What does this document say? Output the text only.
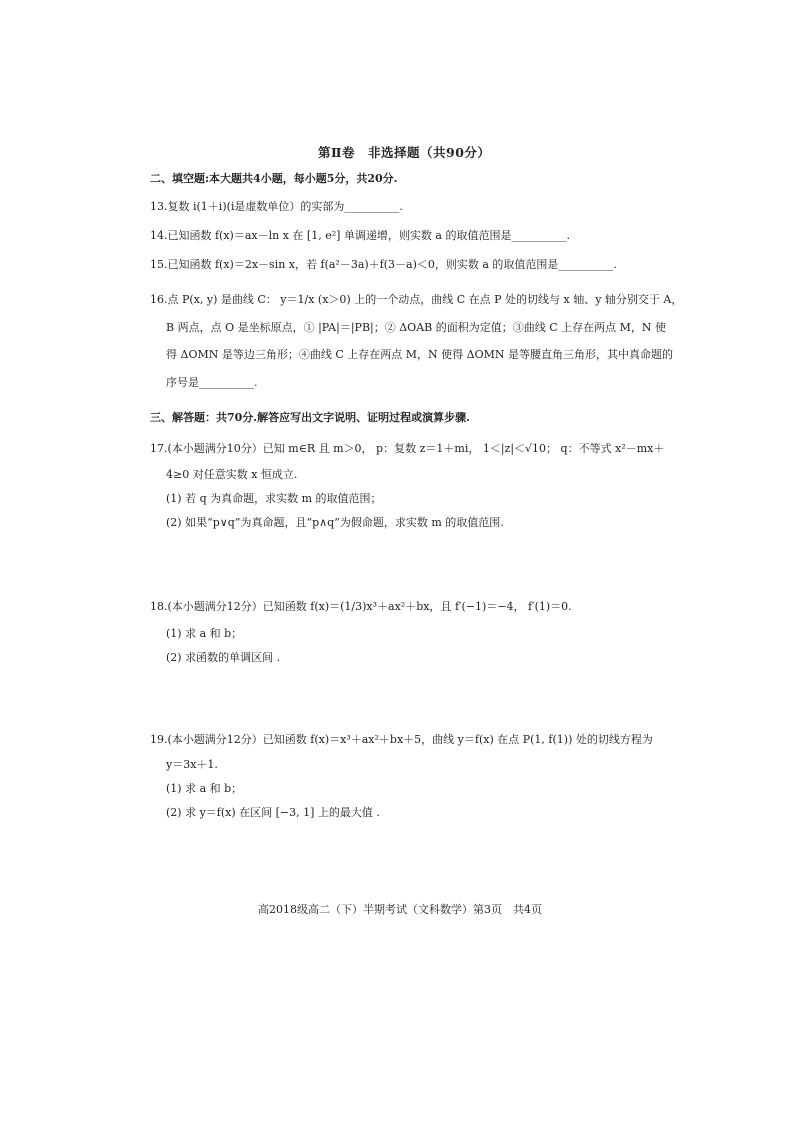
第Ⅱ卷　非选择题（共90分）
二、填空题:本大题共4小题，每小题5分，共20分.
13.复数 i(1＋i)(i是虚数单位）的实部为__________.
14.已知函数 f(x)＝ax－ln x 在 [1, e²] 单调递增，则实数 a 的取值范围是__________.
15.已知函数 f(x)＝2x－sin x，若 f(a²－3a)＋f(3－a)＜0，则实数 a 的取值范围是__________.
16.点 P(x, y) 是曲线 C： y＝1/x (x＞0) 上的一个动点，曲线 C 在点 P 处的切线与 x 轴、y 轴分别交于 A，
B 两点，点 O 是坐标原点，① |PA|＝|PB|；② ΔOAB 的面积为定值；③曲线 C 上存在两点 M，N 使
得 ΔOMN 是等边三角形；④曲线 C 上存在两点 M，N 使得 ΔOMN 是等腰直角三角形，其中真命题的
序号是__________.
三、解答题：共70分.解答应写出文字说明、证明过程或演算步骤.
17.(本小题满分10分）已知 m∈R 且 m＞0， p：复数 z＝1＋mi， 1＜|z|＜√10； q：不等式 x²－mx＋
4≥0 对任意实数 x 恒成立.
(1) 若 q 为真命题，求实数 m 的取值范围；
(2) 如果“p∨q”为真命题，且“p∧q”为假命题，求实数 m 的取值范围.
18.(本小题满分12分）已知函数 f(x)＝(1/3)x³＋ax²＋bx，且 f′(−1)＝−4， f′(1)＝0.
(1) 求 a 和 b；
(2) 求函数的单调区间 .
19.(本小题满分12分）已知函数 f(x)＝x³＋ax²＋bx＋5，曲线 y＝f(x) 在点 P(1, f(1)) 处的切线方程为
y＝3x＋1.
(1) 求 a 和 b；
(2) 求 y＝f(x) 在区间 [−3, 1] 上的最大值 .
高2018级高二（下）半期考试（文科数学）第3页　共4页
